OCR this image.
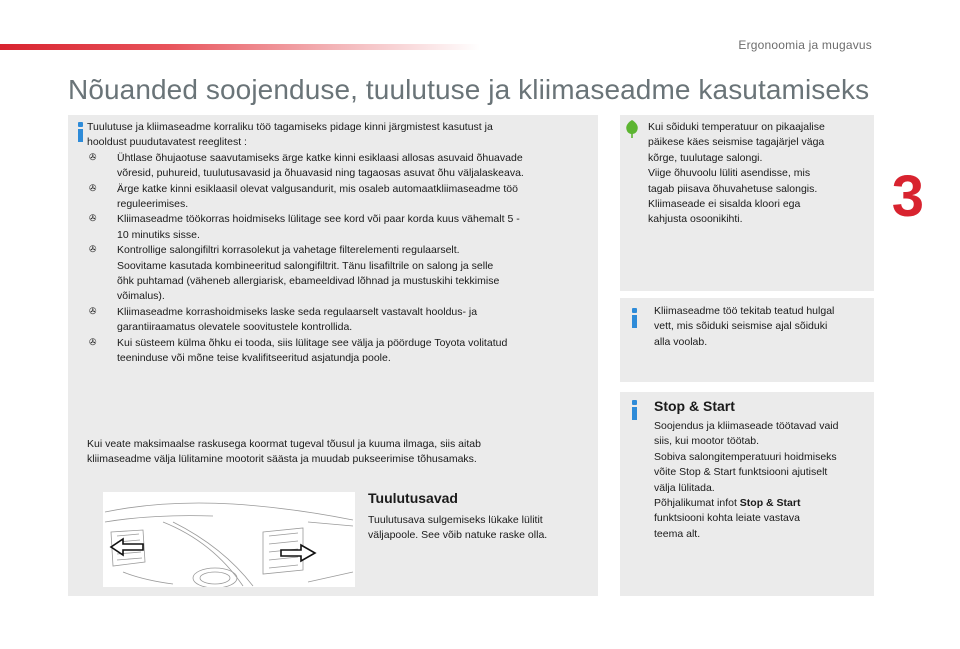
Ergonoomia ja mugavus
3
Nõuanded soojenduse, tuulutuse ja kliimaseadme kasutamiseks
Tuulutuse ja kliimaseadme korraliku töö tagamiseks pidage kinni järgmistest kasutust ja
hooldust puudutavatest reeglitest :
✇ Ühtlase õhujaotuse saavutamiseks ärge katke kinni esiklaasi allosas asuvaid õhuavade
võresid, puhureid, tuulutusavasid ja õhuavasid ning tagaosas asuvat õhu väljalaskeava.
✇ Ärge katke kinni esiklaasil olevat valgusandurit, mis osaleb automaatkliimaseadme töö
reguleerimises.
✇ Kliimaseadme töökorras hoidmiseks lülitage see kord või paar korda kuus vähemalt 5 -
10 minutiks sisse.
✇ Kontrollige salongifiltri korrasolekut ja vahetage filterelementi regulaarselt.
Soovitame kasutada kombineeritud salongifiltrit. Tänu lisafiltrile on salong ja selle
õhk puhtamad (väheneb allergiarisk, ebameeldivad lõhnad ja mustuskihi tekkimise
võimalus).
✇ Kliimaseadme korrashoidmiseks laske seda regulaarselt vastavalt hooldus- ja
garantiiraamatus olevatele soovitustele kontrollida.
✇ Kui süsteem külma õhku ei tooda, siis lülitage see välja ja pöörduge Toyota volitatud
teeninduse või mõne teise kvalifitseeritud asjatundja poole.
Kui veate maksimaalse raskusega koormat tugeval tõusul ja kuuma ilmaga, siis aitab
kliimaseadme välja lülitamine mootorit säästa ja muudab pukseerimise tõhusamaks.
Tuulutusavad
Tuulutusava sulgemiseks lükake lülitit
väljapoole. See võib natuke raske olla.
Kui sõiduki temperatuur on pikaajalise
päikese käes seismise tagajärjel väga
kõrge, tuulutage salongi.
Viige õhuvoolu lüliti asendisse, mis
tagab piisava õhuvahetuse salongis.
Kliimaseade ei sisalda kloori ega
kahjusta osoonikihti.
Kliimaseadme töö tekitab teatud hulgal
vett, mis sõiduki seismise ajal sõiduki
alla voolab.
Stop & Start
Soojendus ja kliimaseade töötavad vaid
siis, kui mootor töötab.
Sobiva salongitemperatuuri hoidmiseks
võite Stop & Start funktsiooni ajutiselt
välja lülitada.
Põhjalikumat infot Stop & Start
funktsiooni kohta leiate vastava
teema alt.
